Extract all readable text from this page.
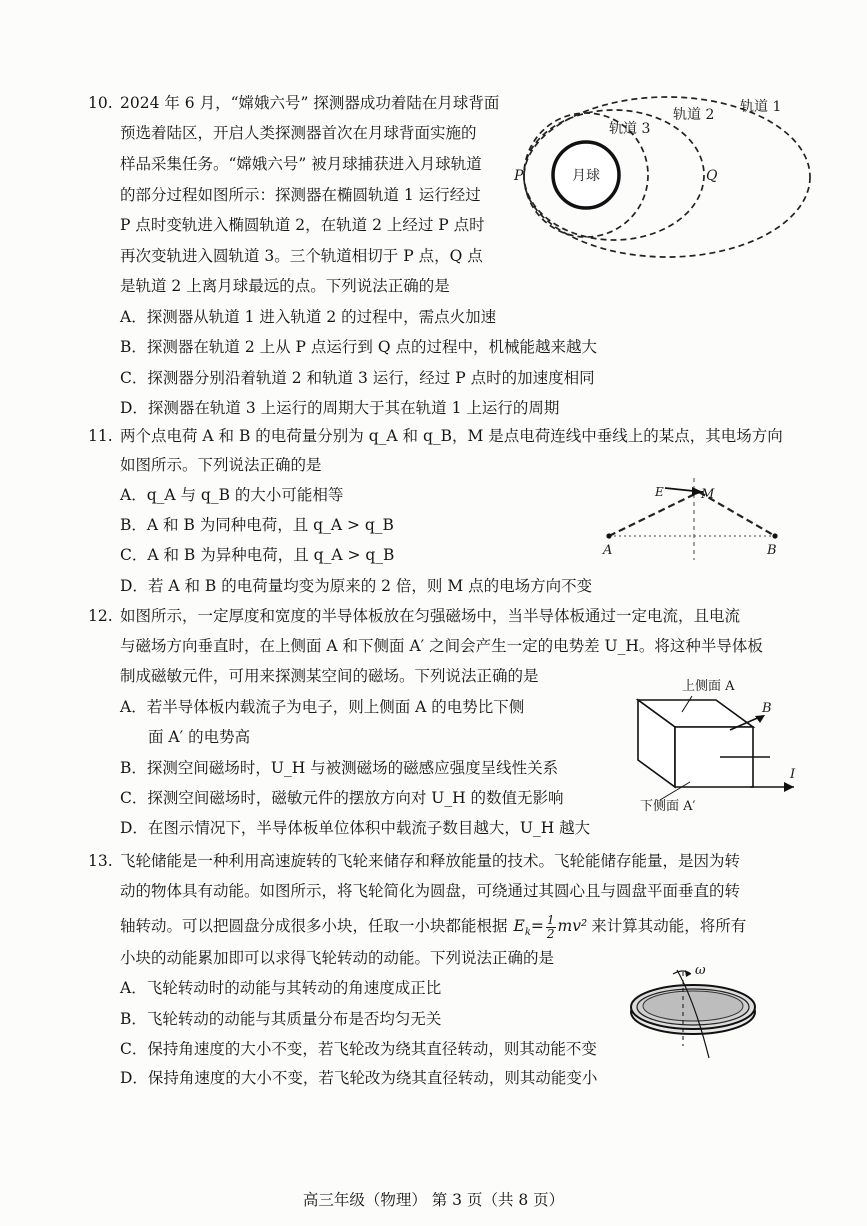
10. 2024 年 6 月，“嫦娥六号” 探测器成功着陆在月球背面
预选着陆区，开启人类探测器首次在月球背面实施的
样品采集任务。“嫦娥六号” 被月球捕获进入月球轨道
的部分过程如图所示：探测器在椭圆轨道 1 运行经过
P 点时变轨进入椭圆轨道 2，在轨道 2 上经过 P 点时
再次变轨进入圆轨道 3。三个轨道相切于 P 点，Q 点
是轨道 2 上离月球最远的点。下列说法正确的是
A．探测器从轨道 1 进入轨道 2 的过程中，需点火加速
B．探测器在轨道 2 上从 P 点运行到 Q 点的过程中，机械能越来越大
C．探测器分别沿着轨道 2 和轨道 3 运行，经过 P 点时的加速度相同
D．探测器在轨道 3 上运行的周期大于其在轨道 1 上运行的周期
月球
P	Q
轨道 1
轨道 2
轨道 3
11. 两个点电荷 A 和 B 的电荷量分别为 q_A 和 q_B，M 是点电荷连线中垂线上的某点，其电场方向
如图所示。下列说法正确的是
A．q_A 与 q_B 的大小可能相等
B．A 和 B 为同种电荷，且 q_A > q_B
C．A 和 B 为异种电荷，且 q_A > q_B
D．若 A 和 B 的电荷量均变为原来的 2 倍，则 M 点的电场方向不变
E	M
A	B
12. 如图所示，一定厚度和宽度的半导体板放在匀强磁场中，当半导体板通过一定电流，且电流
与磁场方向垂直时，在上侧面 A 和下侧面 A′ 之间会产生一定的电势差 U_H。将这种半导体板
制成磁敏元件，可用来探测某空间的磁场。下列说法正确的是
A．若半导体板内载流子为电子，则上侧面 A 的电势比下侧
面 A′ 的电势高
B．探测空间磁场时，U_H 与被测磁场的磁感应强度呈线性关系
C．探测空间磁场时，磁敏元件的摆放方向对 U_H 的数值无影响
D．在图示情况下，半导体板单位体积中载流子数目越大，U_H 越大
上侧面 A
下侧面 A′
B
I
13. 飞轮储能是一种利用高速旋转的飞轮来储存和释放能量的技术。飞轮能储存能量，是因为转
动的物体具有动能。如图所示，将飞轮简化为圆盘，可绕通过其圆心且与圆盘平面垂直的转
轴转动。可以把圆盘分成很多小块，任取一小块都能根据 $E_k= \frac{1}{2} mv^2$ 来计算其动能，将所有
小块的动能累加即可以求得飞轮转动的动能。下列说法正确的是
A．飞轮转动时的动能与其转动的角速度成正比
B．飞轮转动的动能与其质量分布是否均匀无关
C．保持角速度的大小不变，若飞轮改为绕其直径转动，则其动能不变
D．保持角速度的大小不变，若飞轮改为绕其直径转动，则其动能变小
ω
高三年级（物理） 第 3 页（共 8 页）
